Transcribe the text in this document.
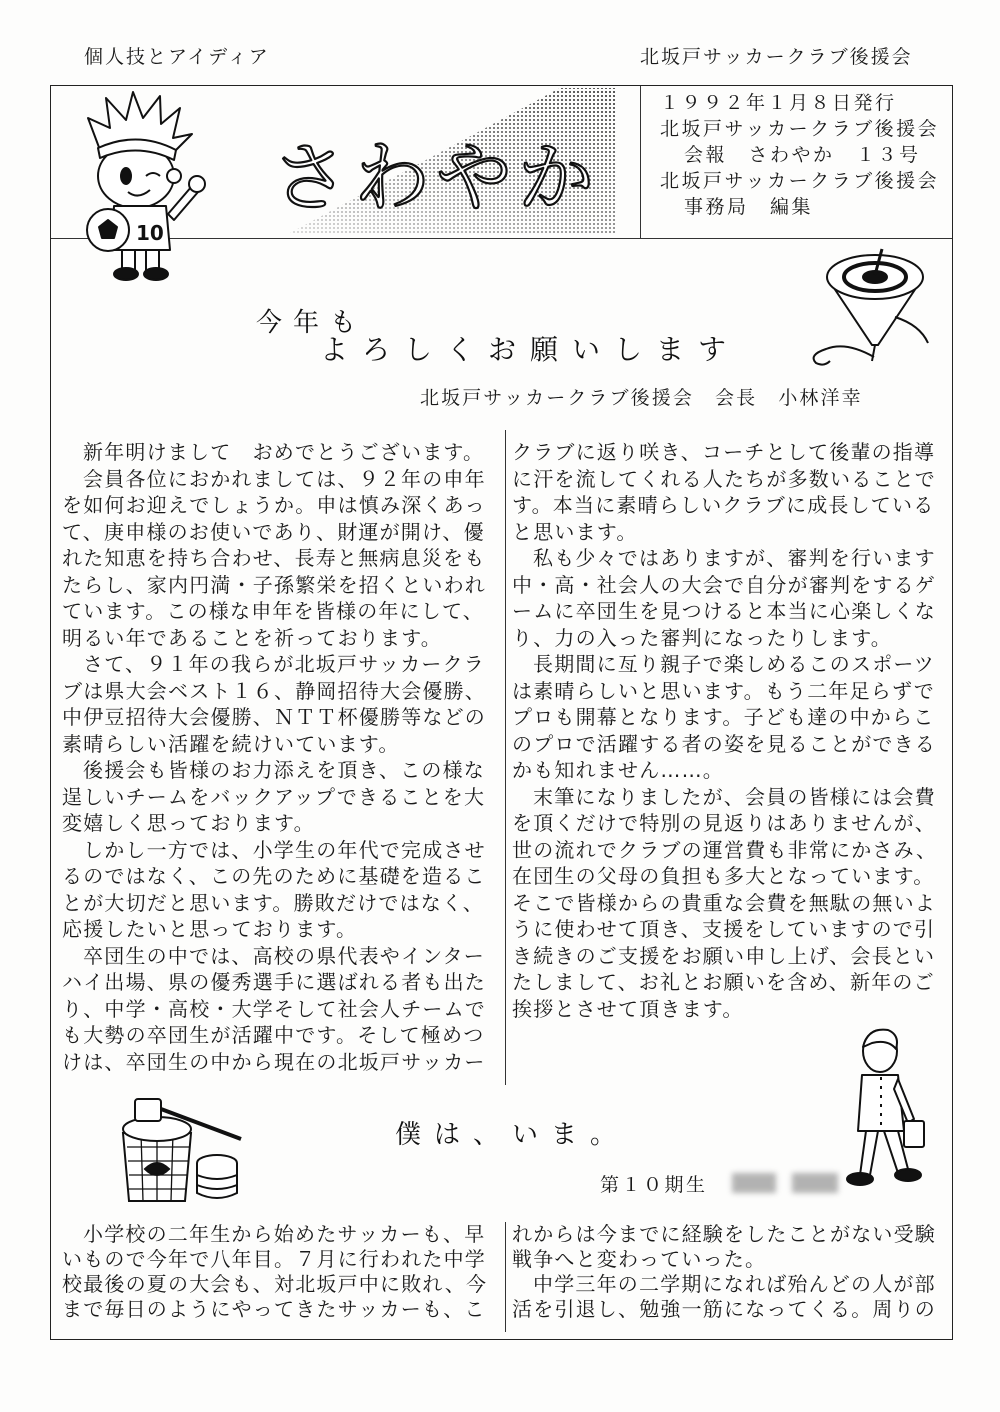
個人技とアイディア	北坂戸サッカークラブ後援会
さわやか
10
１９９２年１月８日発行
北坂戸サッカークラブ後援会
会報　さわやか　１３号
北坂戸サッカークラブ後援会
事務局　編集
今年も
よろしくお願いします
北坂戸サッカークラブ後援会　会長　小林洋幸
新年明けまして　おめでとうございます。
会員各位におかれましては、９２年の申年
を如何お迎えでしょうか。申は慎み深くあっ
て、庚申様のお使いであり、財運が開け、優
れた知恵を持ち合わせ、長寿と無病息災をも
たらし、家内円満・子孫繁栄を招くといわれ
ています。この様な申年を皆様の年にして、
明るい年であることを祈っております。
さて、９１年の我らが北坂戸サッカークラ
ブは県大会ベスト１６、静岡招待大会優勝、
中伊豆招待大会優勝、ＮＴＴ杯優勝等などの
素晴らしい活躍を続けいています。
後援会も皆様のお力添えを頂き、この様な
逞しいチームをバックアップできることを大
変嬉しく思っております。
しかし一方では、小学生の年代で完成させ
るのではなく、この先のために基礎を造るこ
とが大切だと思います。勝敗だけではなく、
応援したいと思っております。
卒団生の中では、高校の県代表やインター
ハイ出場、県の優秀選手に選ばれる者も出た
り、中学・高校・大学そして社会人チームで
も大勢の卒団生が活躍中です。そして極めつ
けは、卒団生の中から現在の北坂戸サッカー
クラブに返り咲き、コーチとして後輩の指導
に汗を流してくれる人たちが多数いることで
す。本当に素晴らしいクラブに成長している
と思います。
私も少々ではありますが、審判を行います
中・高・社会人の大会で自分が審判をするゲ
ームに卒団生を見つけると本当に心楽しくな
り、力の入った審判になったりします。
長期間に亙り親子で楽しめるこのスポーツ
は素晴らしいと思います。もう二年足らずで
プロも開幕となります。子ども達の中からこ
のプロで活躍する者の姿を見ることができる
かも知れません……。
末筆になりましたが、会員の皆様には会費
を頂くだけで特別の見返りはありませんが、
世の流れでクラブの運営費も非常にかさみ、
在団生の父母の負担も多大となっています。
そこで皆様からの貴重な会費を無駄の無いよ
うに使わせて頂き、支援をしていますので引
き続きのご支援をお願い申し上げ、会長とい
たしまして、お礼とお願いを含め、新年のご
挨拶とさせて頂きます。
僕は、いま。
第１０期生
小学校の二年生から始めたサッカーも、早
いもので今年で八年目。７月に行われた中学
校最後の夏の大会も、対北坂戸中に敗れ、今
まで毎日のようにやってきたサッカーも、こ
れからは今までに経験をしたことがない受験
戦争へと変わっていった。
中学三年の二学期になれば殆んどの人が部
活を引退し、勉強一筋になってくる。周りの
